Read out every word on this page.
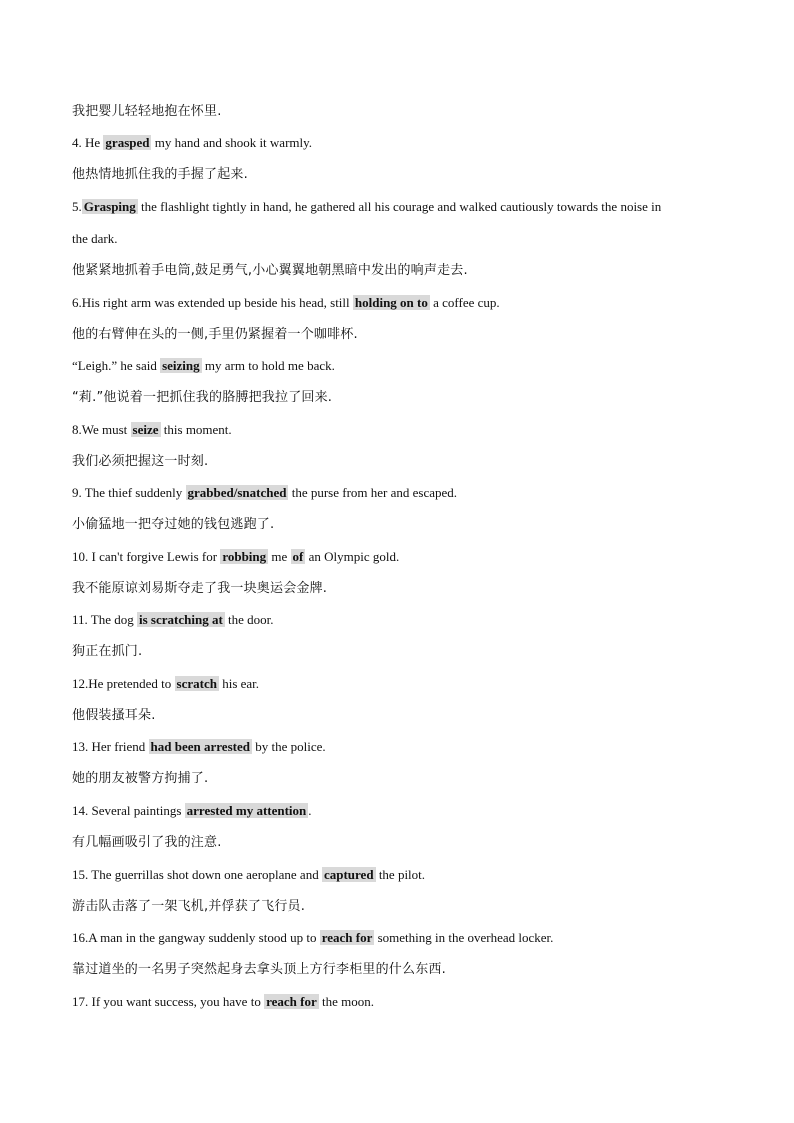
我把婴儿轻轻地抱在怀里.
4. He grasped my hand and shook it warmly.
他热情地抓住我的手握了起来.
5. Grasping the flashlight tightly in hand, he gathered all his courage and walked cautiously towards the noise in
the dark.
他紧紧地抓着手电筒,鼓足勇气,小心翼翼地朝黑暗中发出的响声走去.
6.His right arm was extended up beside his head, still holding on to a coffee cup.
他的右臂伸在头的一侧,手里仍紧握着一个咖啡杯.
“Leigh.” he said seizing my arm to hold me back.
“莉.”他说着一把抓住我的胳膊把我拉了回来.
8.We must seize this moment.
我们必须把握这一时刻.
9. The thief suddenly grabbed/snatched the purse from her and escaped.
小偷猛地一把夺过她的钱包逃跑了.
10. I can't forgive Lewis for robbing me of an Olympic gold.
我不能原谅刘易斯夺走了我一块奥运会金牌.
11. The dog is scratching at the door.
狗正在抓门.
12.He pretended to scratch his ear.
他假装搔耳朵.
13. Her friend had been arrested by the police.
她的朋友被警方拘捕了.
14. Several paintings arrested my attention .
有几幅画吸引了我的注意.
15. The guerrillas shot down one aeroplane and captured the pilot.
游击队击落了一架飞机,并俘获了飞行员.
16.A man in the gangway suddenly stood up to reach for something in the overhead locker.
靠过道坐的一名男子突然起身去拿头顶上方行李柜里的什么东西.
17. If you want success, you have to reach for the moon.
